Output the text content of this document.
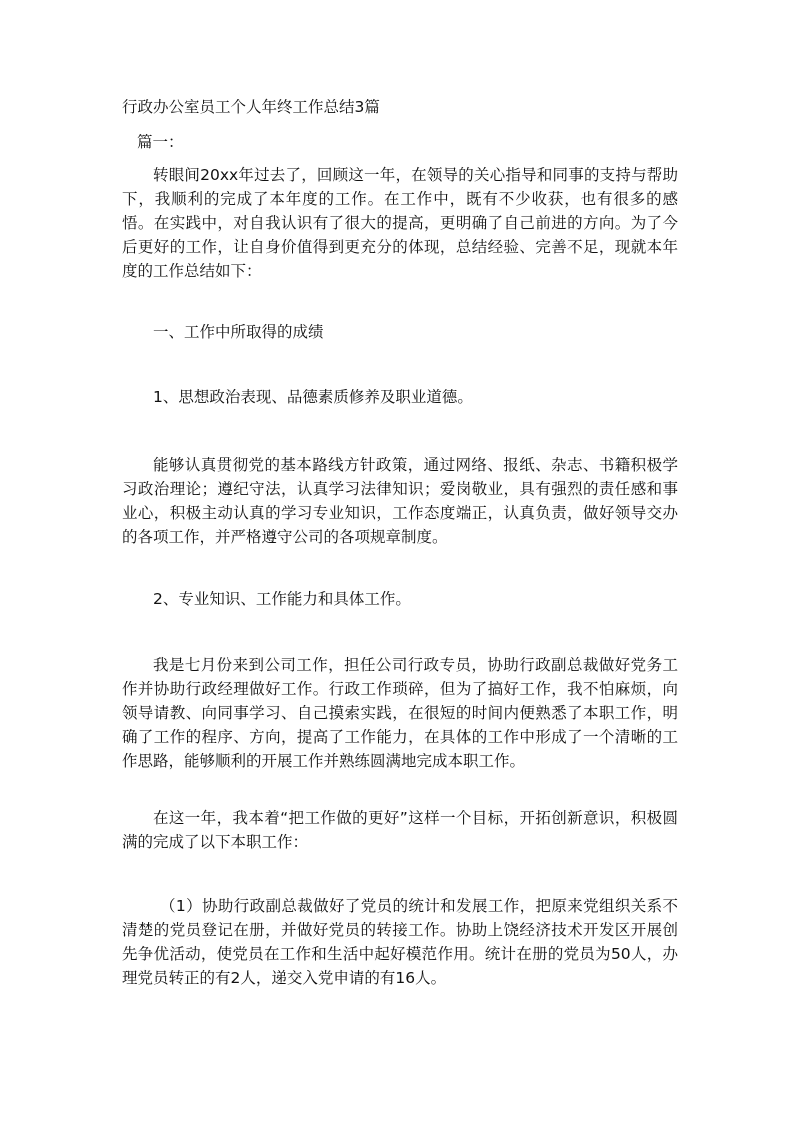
行政办公室员工个人年终工作总结3篇

篇一：

转眼间20xx年过去了，回顾这一年，在领导的关心指导和同事的支持与帮助下，我顺利的完成了本年度的工作。在工作中，既有不少收获，也有很多的感悟。在实践中，对自我认识有了很大的提高，更明确了自己前进的方向。为了今后更好的工作，让自身价值得到更充分的体现，总结经验、完善不足，现就本年度的工作总结如下：

一、工作中所取得的成绩

1、思想政治表现、品德素质修养及职业道德。

能够认真贯彻党的基本路线方针政策，通过网络、报纸、杂志、书籍积极学习政治理论；遵纪守法，认真学习法律知识；爱岗敬业，具有强烈的责任感和事业心，积极主动认真的学习专业知识，工作态度端正，认真负责，做好领导交办的各项工作，并严格遵守公司的各项规章制度。

2、专业知识、工作能力和具体工作。

我是七月份来到公司工作，担任公司行政专员，协助行政副总裁做好党务工作并协助行政经理做好工作。行政工作琐碎，但为了搞好工作，我不怕麻烦，向领导请教、向同事学习、自己摸索实践，在很短的时间内便熟悉了本职工作，明确了工作的程序、方向，提高了工作能力，在具体的工作中形成了一个清晰的工作思路，能够顺利的开展工作并熟练圆满地完成本职工作。

在这一年，我本着“把工作做的更好”这样一个目标，开拓创新意识，积极圆满的完成了以下本职工作：

（1）协助行政副总裁做好了党员的统计和发展工作，把原来党组织关系不清楚的党员登记在册，并做好党员的转接工作。协助上饶经济技术开发区开展创先争优活动，使党员在工作和生活中起好模范作用。统计在册的党员为50人，办理党员转正的有2人，递交入党申请的有16人。
